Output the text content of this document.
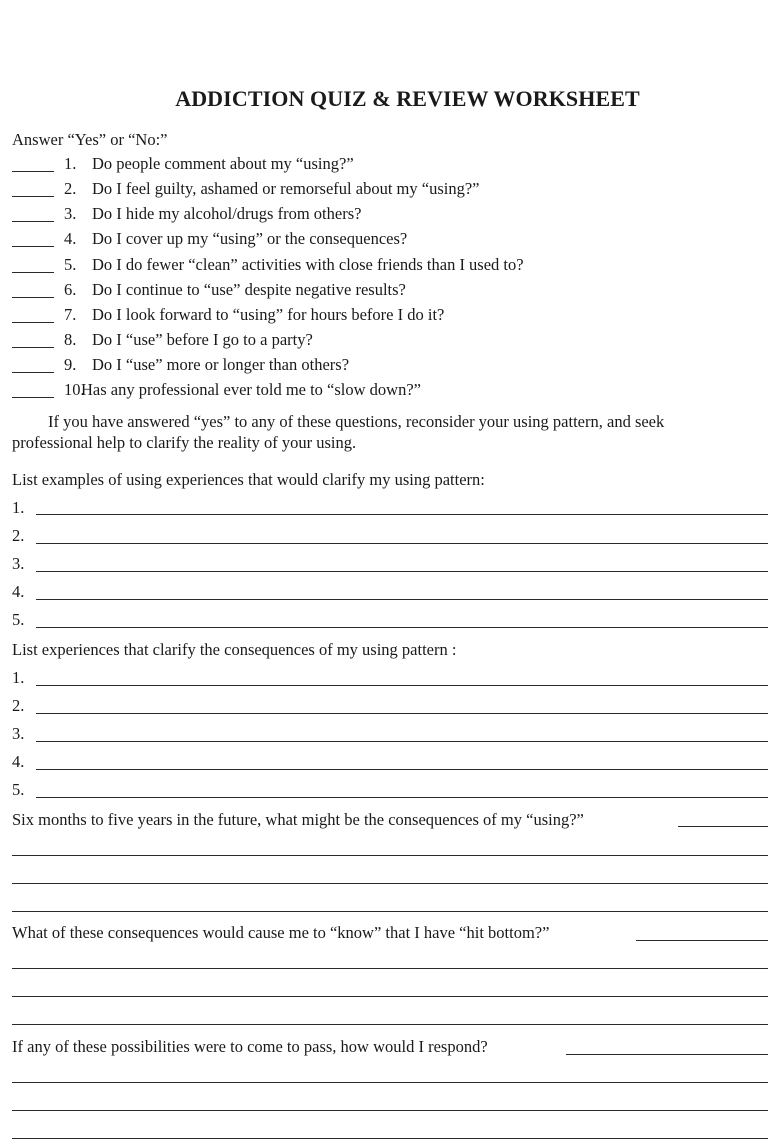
ADDICTION QUIZ & REVIEW WORKSHEET
Answer “Yes” or “No:”
1. Do people comment about my “using?”
2. Do I feel guilty, ashamed or remorseful about my “using?”
3. Do I hide my alcohol/drugs from others?
4. Do I cover up my “using” or the consequences?
5. Do I do fewer “clean” activities with close friends than I used to?
6. Do I continue to “use” despite negative results?
7. Do I look forward to “using” for hours before I do it?
8. Do I “use” before I go to a party?
9. Do I “use” more or longer than others?
10.
Has any professional ever told me to “slow down?”
If you have answered “yes” to any of these questions, reconsider your using pattern, and seek
professional help to clarify the reality of your using.
List examples of using experiences that would clarify my using pattern:
1.
2.
3.
4.
5.
List experiences that clarify the consequences of my using pattern :
1.
2.
3.
4.
5.
Six months to five years in the future, what might be the consequences of my “using?”
What of these consequences would cause me to “know” that I have “hit bottom?”
If any of these possibilities were to come to pass, how would I respond?
